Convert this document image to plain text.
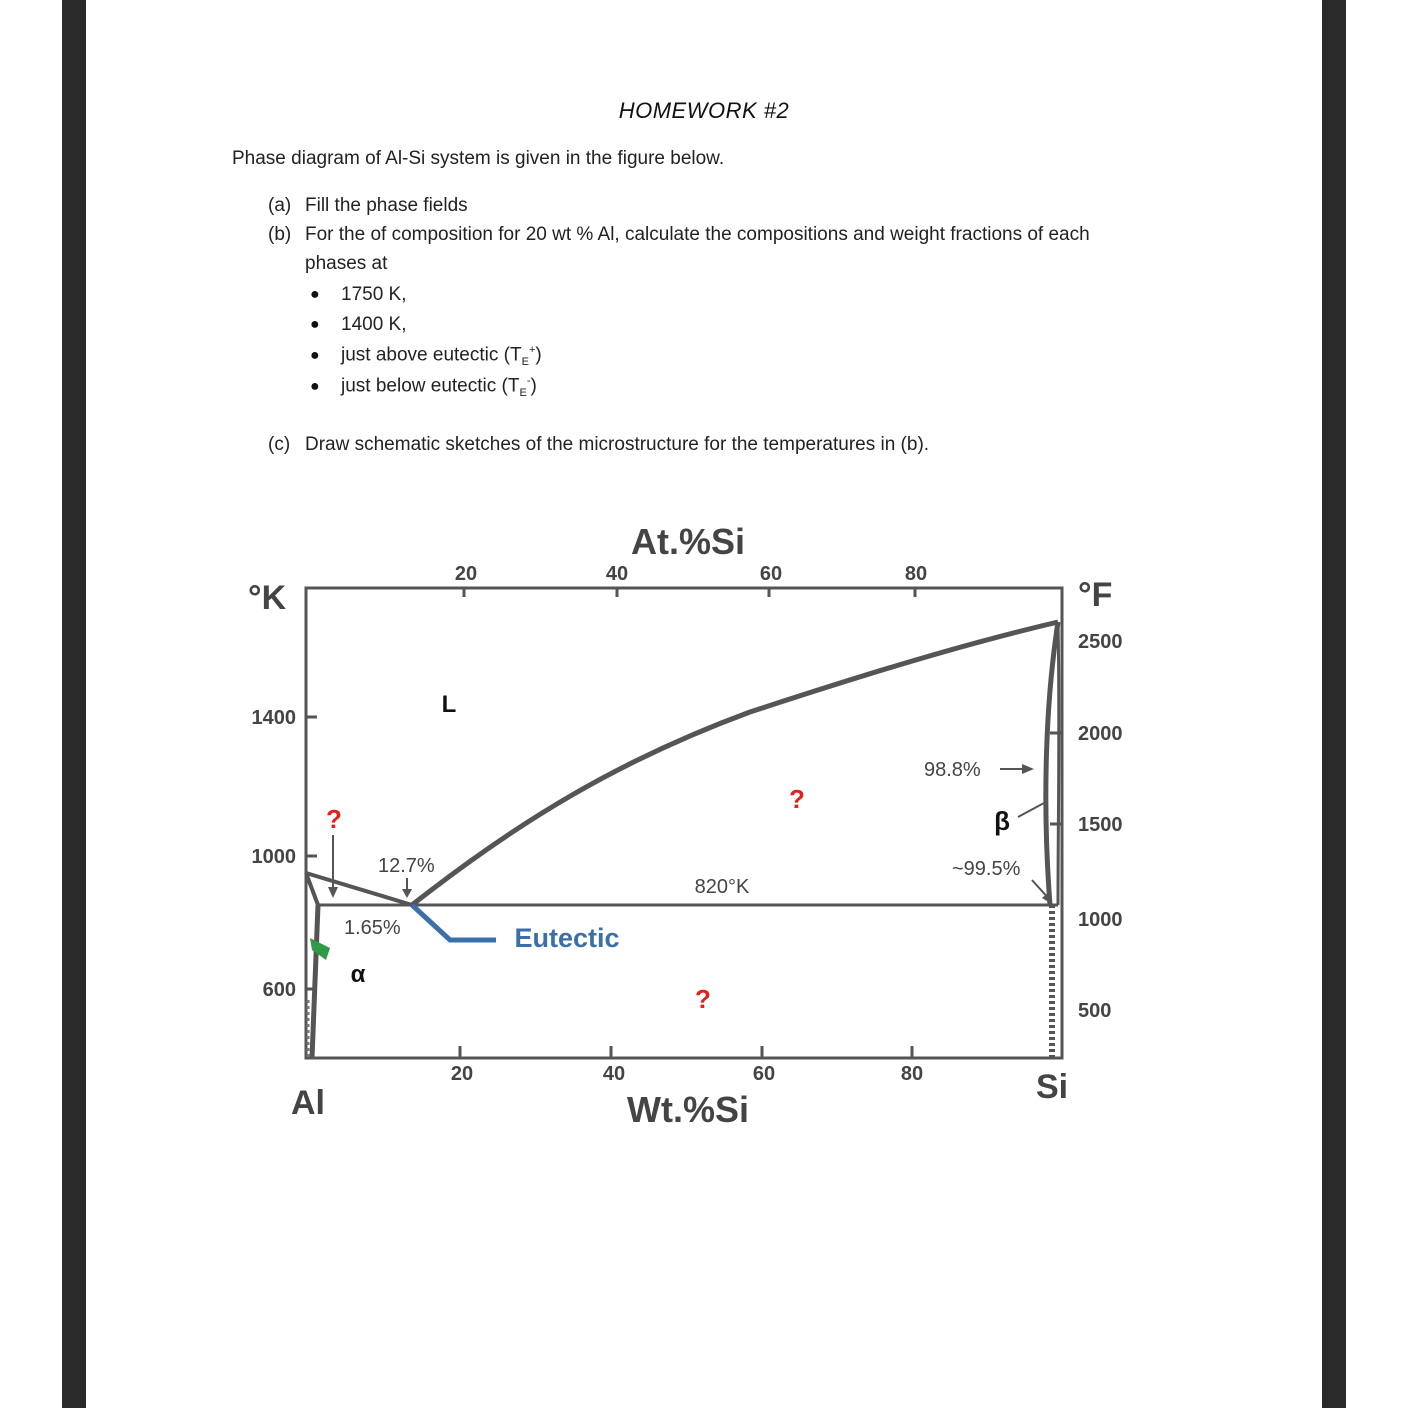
HOMEWORK #2
Phase diagram of Al-Si system is given in the figure below.
(a) Fill the phase fields
(b) For the of composition for 20 wt % Al, calculate the compositions and weight fractions of each
phases at
● 1750 K,
● 1400 K,
● just above eutectic $(T_E^+)$
● just below eutectic $(T_E^-)$
(c) Draw schematic sketches of the microstructure for the temperatures in (b).
At.%Si
20	40	60	80
°K
1400
1000
600
°F
2500
2000
1500
1000
500
20	40	60	80
Wt.%Si
Al	Si
L
12.7%
1.65%
820°K
Eutectic
α
β
98.8%
~99.5%
?
?
?
